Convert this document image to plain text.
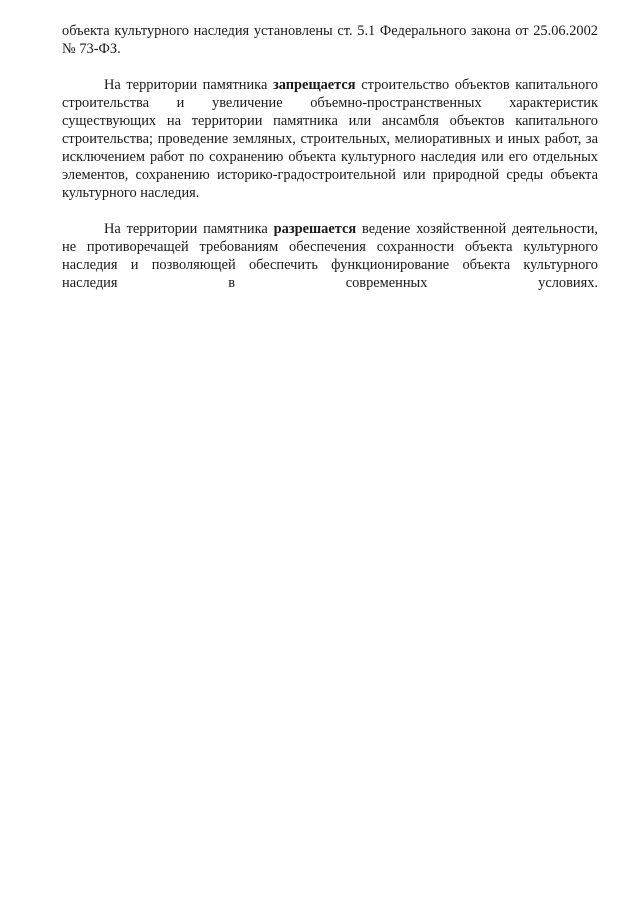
объекта культурного наследия установлены ст. 5.1 Федерального закона от 25.06.2002 № 73-ФЗ.

На территории памятника запрещается строительство объектов капитального строительства и увеличение объемно-пространственных характеристик существующих на территории памятника или ансамбля объектов капитального строительства; проведение земляных, строительных, мелиоративных и иных работ, за исключением работ по сохранению объекта культурного наследия или его отдельных элементов, сохранению историко-градостроительной или природной среды объекта культурного наследия.

На территории памятника разрешается ведение хозяйственной деятельности, не противоречащей требованиям обеспечения сохранности объекта культурного наследия и позволяющей обеспечить функционирование объекта культурного наследия в современных условиях.
